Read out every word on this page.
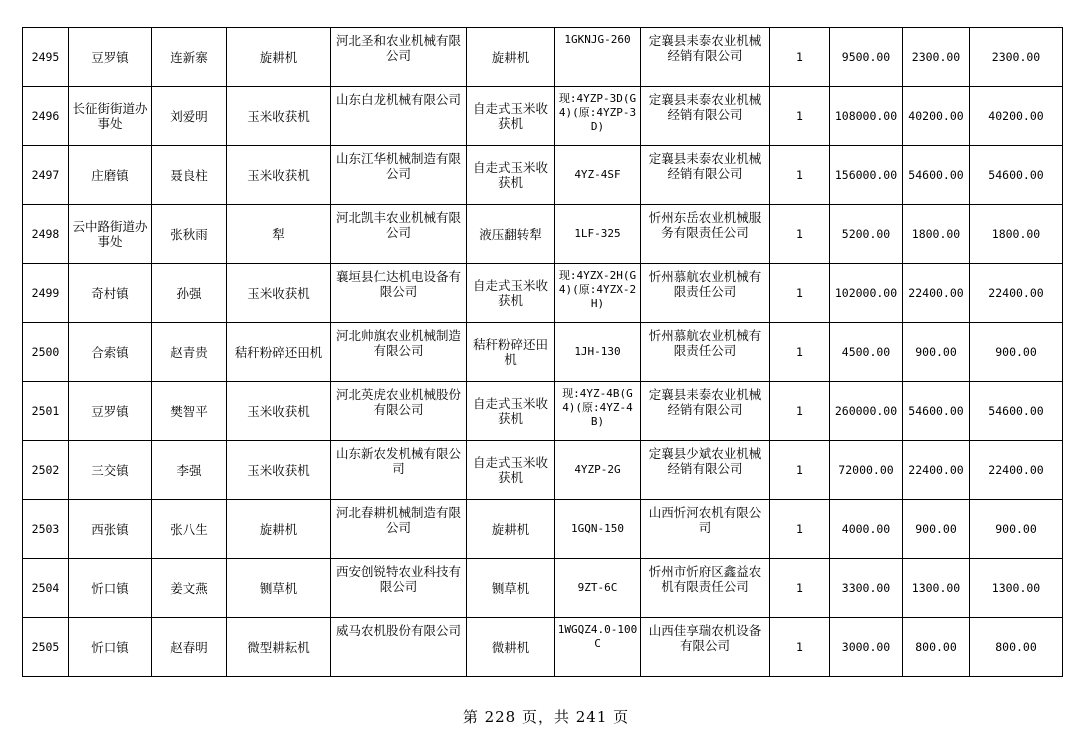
2495	豆罗镇	连新寨	旋耕机	河北圣和农业机械有限公司	旋耕机	1GKNJG-260	定襄县耒泰农业机械经销有限公司	1	9500.00	2300.00	2300.00
2496	长征街街道办事处	刘爱明	玉米收获机	山东白龙机械有限公司	自走式玉米收获机	现:4YZP-3D(G4)(原:4YZP-3D)	定襄县耒泰农业机械经销有限公司	1	108000.00	40200.00	40200.00
2497	庄磨镇	聂良柱	玉米收获机	山东江华机械制造有限公司	自走式玉米收获机	4YZ-4SF	定襄县耒泰农业机械经销有限公司	1	156000.00	54600.00	54600.00
2498	云中路街道办事处	张秋雨	犁	河北凯丰农业机械有限公司	液压翻转犁	1LF-325	忻州东岳农业机械服务有限责任公司	1	5200.00	1800.00	1800.00
2499	奇村镇	孙强	玉米收获机	襄垣县仁达机电设备有限公司	自走式玉米收获机	现:4YZX-2H(G4)(原:4YZX-2H)	忻州慕航农业机械有限责任公司	1	102000.00	22400.00	22400.00
2500	合索镇	赵青贵	秸秆粉碎还田机	河北帅旗农业机械制造有限公司	秸秆粉碎还田机	1JH-130	忻州慕航农业机械有限责任公司	1	4500.00	900.00	900.00
2501	豆罗镇	樊智平	玉米收获机	河北英虎农业机械股份有限公司	自走式玉米收获机	现:4YZ-4B(G4)(原:4YZ-4B)	定襄县耒泰农业机械经销有限公司	1	260000.00	54600.00	54600.00
2502	三交镇	李强	玉米收获机	山东新农发机械有限公司	自走式玉米收获机	4YZP-2G	定襄县少斌农业机械经销有限公司	1	72000.00	22400.00	22400.00
2503	西张镇	张八生	旋耕机	河北春耕机械制造有限公司	旋耕机	1GQN-150	山西忻河农机有限公司	1	4000.00	900.00	900.00
2504	忻口镇	姜文燕	铡草机	西安创锐特农业科技有限公司	铡草机	9ZT-6C	忻州市忻府区鑫益农机有限责任公司	1	3300.00	1300.00	1300.00
2505	忻口镇	赵春明	微型耕耘机	威马农机股份有限公司	微耕机	1WGQZ4.0-100C	山西佳享瑞农机设备有限公司	1	3000.00	800.00	800.00
第 228 页，共 241 页
